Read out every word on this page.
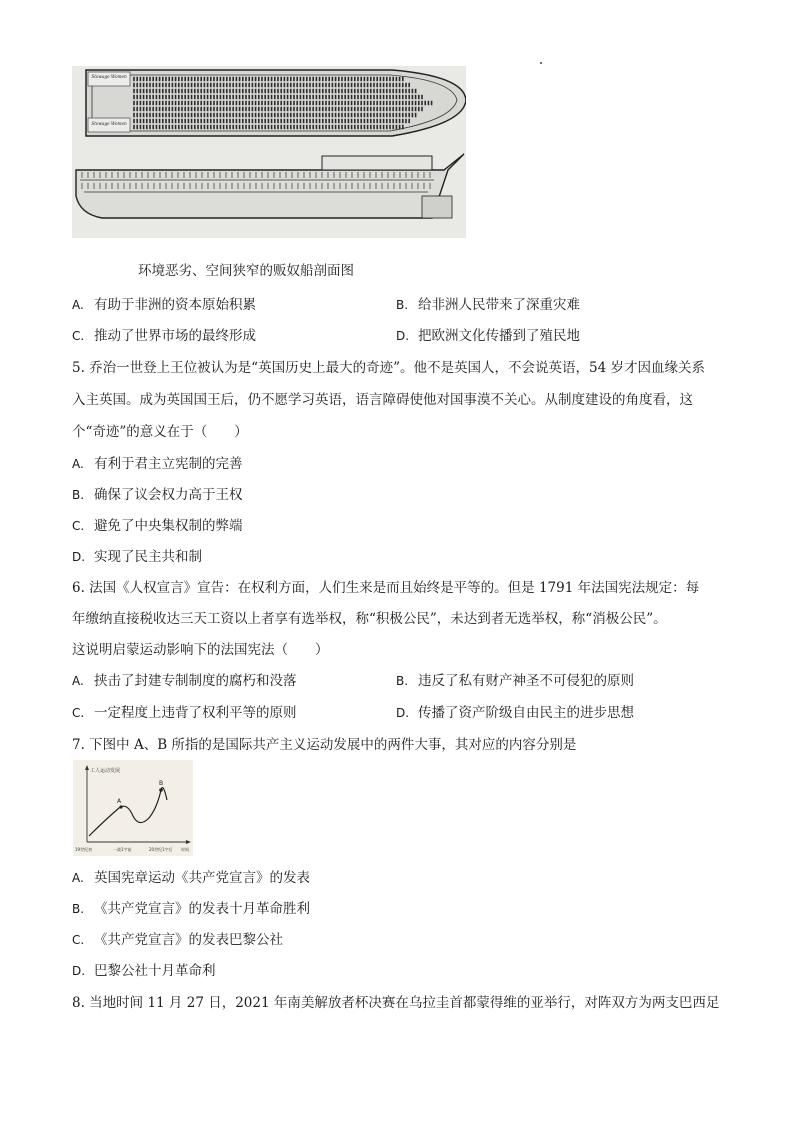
Stowage Women
Stowage Women
环境恶劣、空间狭窄的贩奴船剖面图
A. 有助于非洲的资本原始积累	B. 给非洲人民带来了深重灾难
C. 推动了世界市场的最终形成	D. 把欧洲文化传播到了殖民地
5. 乔治一世登上王位被认为是“英国历史上最大的奇迹”。他不是英国人，不会说英语，54 岁才因血缘关系
入主英国。成为英国国王后，仍不愿学习英语，语言障碍使他对国事漠不关心。从制度建设的角度看，这
个“奇迹”的意义在于（　　）
A. 有利于君主立宪制的完善
B. 确保了议会权力高于王权
C. 避免了中央集权制的弊端
D. 实现了民主共和制
6. 法国《人权宣言》宣告：在权利方面，人们生来是而且始终是平等的。但是 1791 年法国宪法规定：每
年缴纳直接税收达三天工资以上者享有选举权，称“积极公民”，未达到者无选举权，称“消极公民”。
这说明启蒙运动影响下的法国宪法（　　）
A. 挟击了封建专制制度的腐朽和没落	B. 违反了私有财产神圣不可侵犯的原则
C. 一定程度上违背了权利平等的原则	D. 传播了资产阶级自由民主的进步思想
7. 下图中 A、B 所指的是国际共产主义运动发展中的两件大事，其对应的内容分别是
工人运动发展
A
B
19世纪初	一战1字前	20世纪1字后 时间
A. 英国宪章运动《共产党宣言》的发表
B. 《共产党宣言》的发表十月革命胜利
C. 《共产党宣言》的发表巴黎公社
D. 巴黎公社十月革命利
8. 当地时间 11 月 27 日，2021 年南美解放者杯决赛在乌拉圭首都蒙得维的亚举行，对阵双方为两支巴西足
